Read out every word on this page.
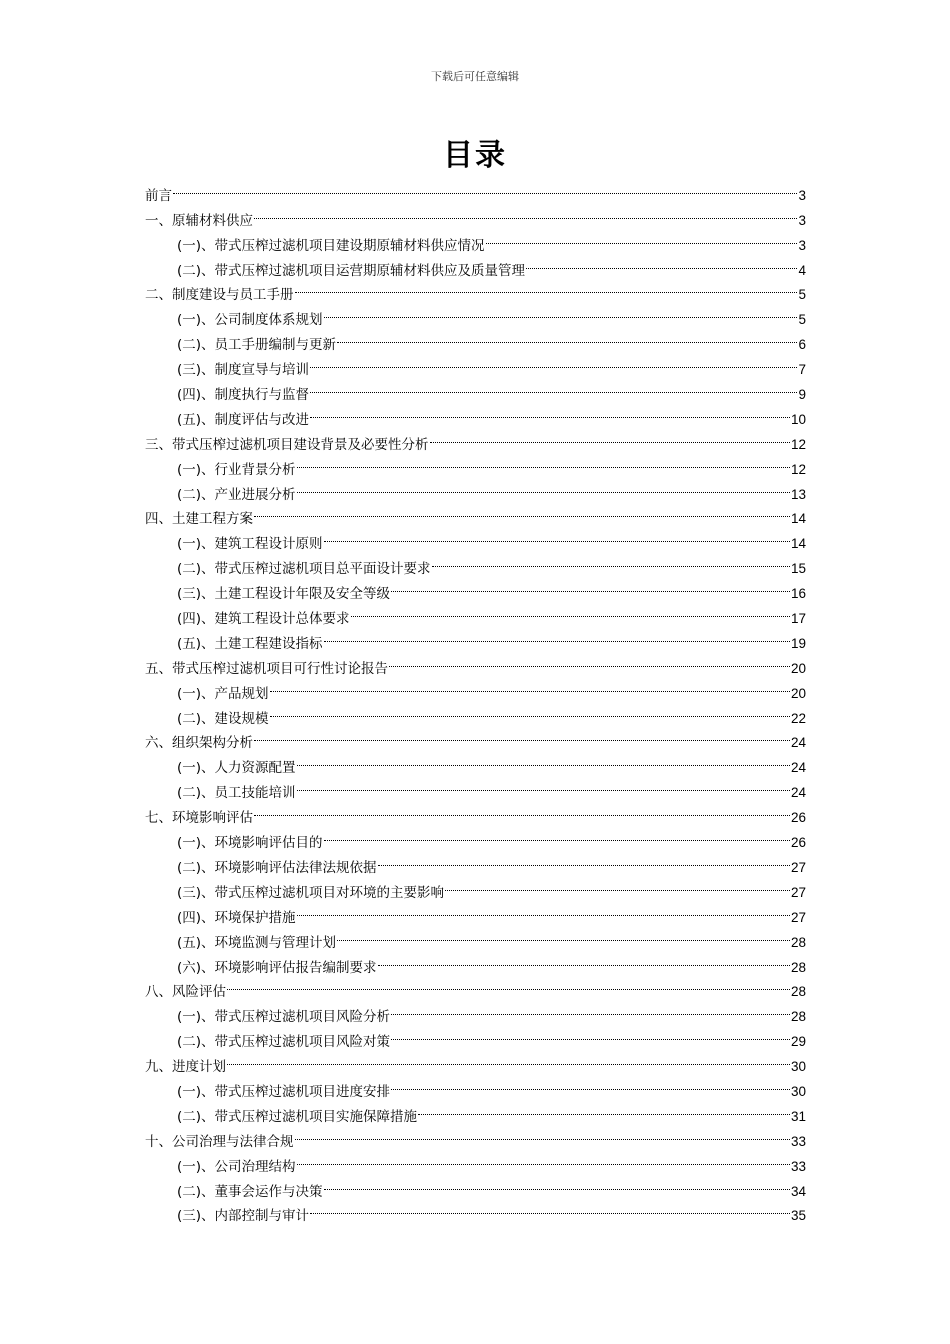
下载后可任意编辑
目录
前言	3
一、原辅材料供应	3
(一)、带式压榨过滤机项目建设期原辅材料供应情况	3
(二)、带式压榨过滤机项目运营期原辅材料供应及质量管理	4
二、制度建设与员工手册	5
(一)、公司制度体系规划	5
(二)、员工手册编制与更新	6
(三)、制度宣导与培训	7
(四)、制度执行与监督	9
(五)、制度评估与改进	10
三、带式压榨过滤机项目建设背景及必要性分析	12
(一)、行业背景分析	12
(二)、产业进展分析	13
四、土建工程方案	14
(一)、建筑工程设计原则	14
(二)、带式压榨过滤机项目总平面设计要求	15
(三)、土建工程设计年限及安全等级	16
(四)、建筑工程设计总体要求	17
(五)、土建工程建设指标	19
五、带式压榨过滤机项目可行性讨论报告	20
(一)、产品规划	20
(二)、建设规模	22
六、组织架构分析	24
(一)、人力资源配置	24
(二)、员工技能培训	24
七、环境影响评估	26
(一)、环境影响评估目的	26
(二)、环境影响评估法律法规依据	27
(三)、带式压榨过滤机项目对环境的主要影响	27
(四)、环境保护措施	27
(五)、环境监测与管理计划	28
(六)、环境影响评估报告编制要求	28
八、风险评估	28
(一)、带式压榨过滤机项目风险分析	28
(二)、带式压榨过滤机项目风险对策	29
九、进度计划	30
(一)、带式压榨过滤机项目进度安排	30
(二)、带式压榨过滤机项目实施保障措施	31
十、公司治理与法律合规	33
(一)、公司治理结构	33
(二)、董事会运作与决策	34
(三)、内部控制与审计	35
